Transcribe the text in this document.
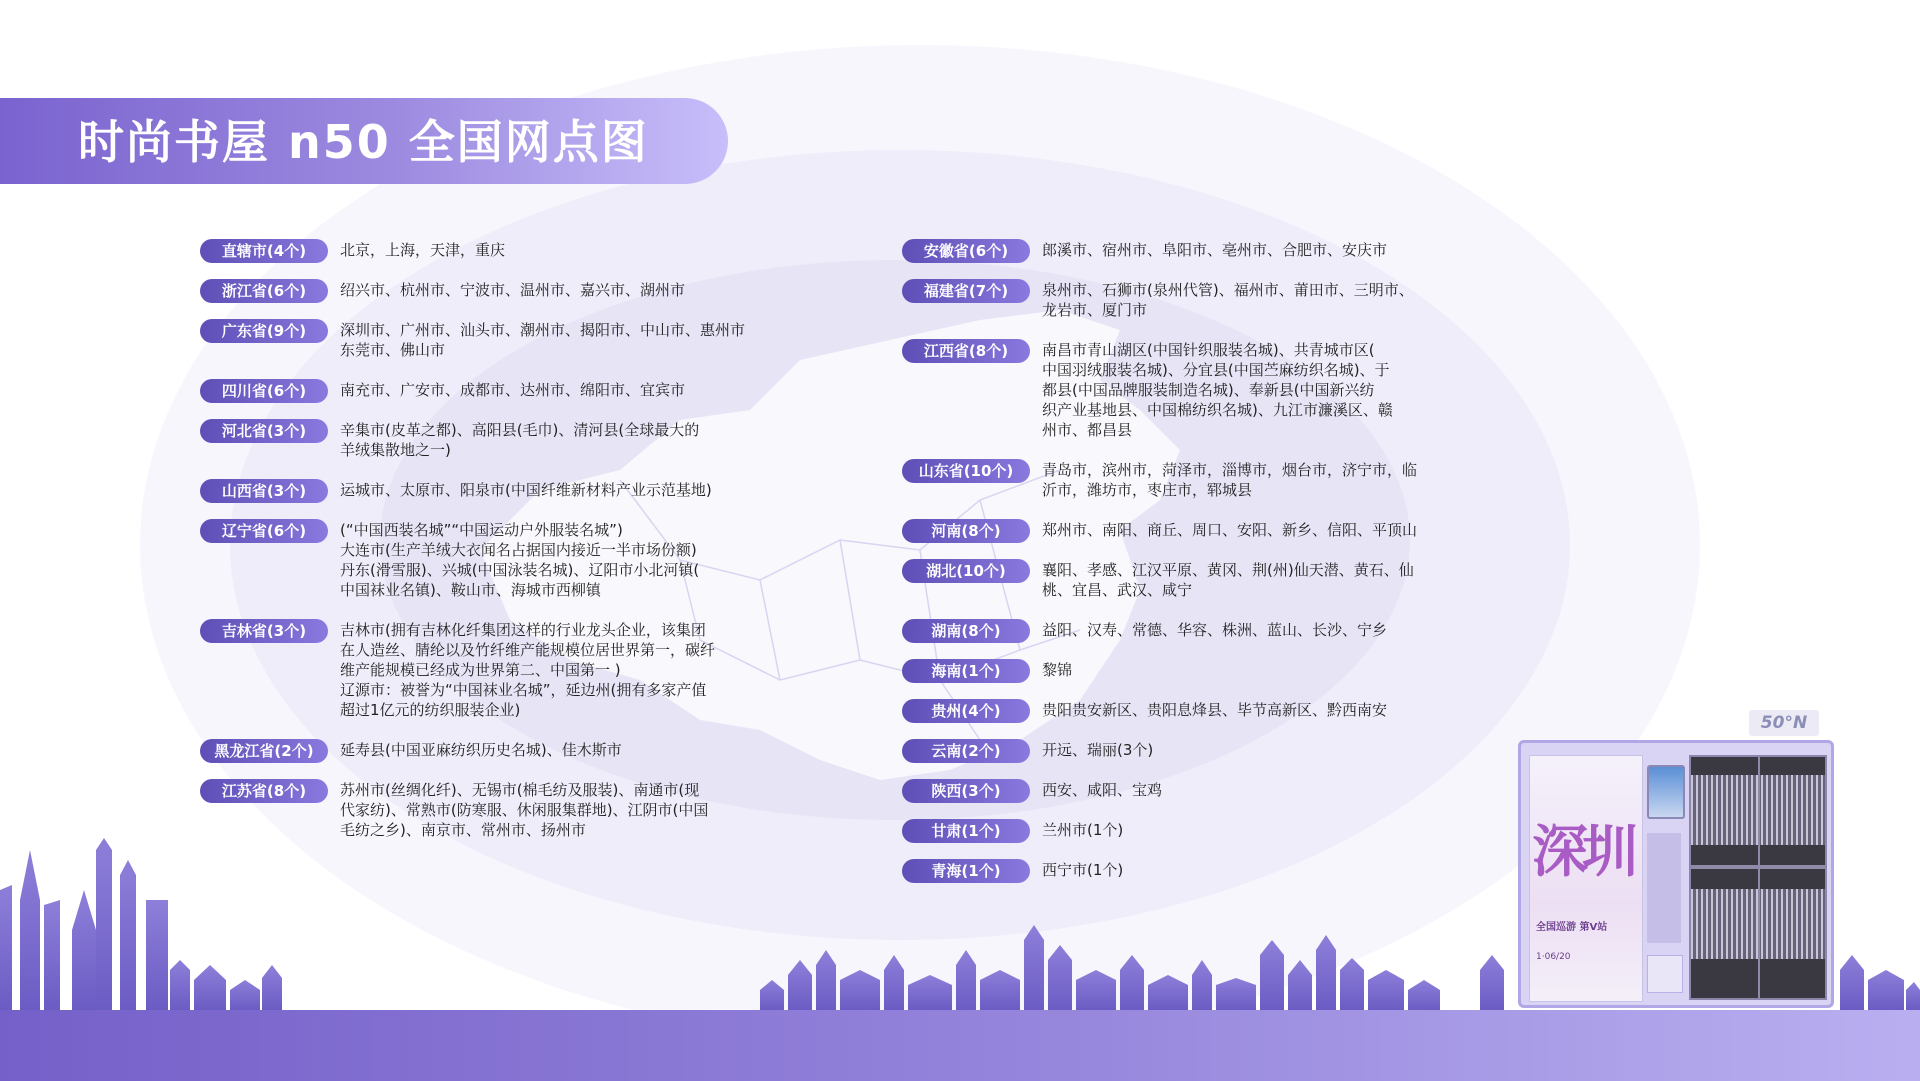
时尚书屋 n50 全国网点图
直辖市(4个)	北京，上海，天津，重庆
浙江省(6个)	绍兴市、杭州市、宁波市、温州市、嘉兴市、湖州市
广东省(9个)	深圳市、广州市、汕头市、潮州市、揭阳市、中山市、惠州市
东莞市、佛山市
四川省(6个)	南充市、广安市、成都市、达州市、绵阳市、宜宾市
河北省(3个)	辛集市(皮革之都)、高阳县(毛巾)、清河县(全球最大的
羊绒集散地之一)
山西省(3个)	运城市、太原市、阳泉市(中国纤维新材料产业示范基地)
辽宁省(6个)	(“中国西装名城”“中国运动户外服装名城”)
大连市(生产羊绒大衣闻名占据国内接近一半市场份额)
丹东(滑雪服)、兴城(中国泳装名城)、辽阳市小北河镇(
中国袜业名镇)、鞍山市、海城市西柳镇
吉林省(3个)	吉林市(拥有吉林化纤集团这样的行业龙头企业，该集团
在人造丝、腈纶以及竹纤维产能规模位居世界第一，碳纤
维产能规模已经成为世界第二、中国第一 )
辽源市：被誉为“中国袜业名城”，延边州(拥有多家产值
超过1亿元的纺织服装企业)
黑龙江省(2个)	延寿县(中国亚麻纺织历史名城)、佳木斯市
江苏省(8个)	苏州市(丝绸化纤)、无锡市(棉毛纺及服装)、南通市(现
代家纺)、常熟市(防寒服、休闲服集群地)、江阴市(中国
毛纺之乡)、南京市、常州市、扬州市
安徽省(6个)	郎溪市、宿州市、阜阳市、亳州市、合肥市、安庆市
福建省(7个)	泉州市、石狮市(泉州代管)、福州市、莆田市、三明市、
龙岩市、厦门市
江西省(8个)	南昌市青山湖区(中国针织服装名城)、共青城市区(
中国羽绒服装名城)、分宜县(中国苎麻纺织名城)、于
都县(中国品牌服装制造名城)、奉新县(中国新兴纺
织产业基地县、中国棉纺织名城)、九江市濂溪区、赣
州市、都昌县
山东省(10个)	青岛市，滨州市，菏泽市，淄博市，烟台市，济宁市，临
沂市，潍坊市，枣庄市，郓城县
河南(8个)	郑州市、南阳、商丘、周口、安阳、新乡、信阳、平顶山
湖北(10个)	襄阳、孝感、江汉平原、黄冈、荆(州)仙天潜、黄石、仙
桃、宜昌、武汉、咸宁
湖南(8个)	益阳、汉寿、常德、华容、株洲、蓝山、长沙、宁乡
海南(1个)	黎锦
贵州(4个)	贵阳贵安新区、贵阳息烽县、毕节高新区、黔西南安
云南(2个)	开远、瑞丽(3个)
陕西(3个)	西安、咸阳、宝鸡
甘肃(1个)	兰州市(1个)
青海(1个)	西宁市(1个)
50°N
深圳
全国巡游 第V站
1·06/20
